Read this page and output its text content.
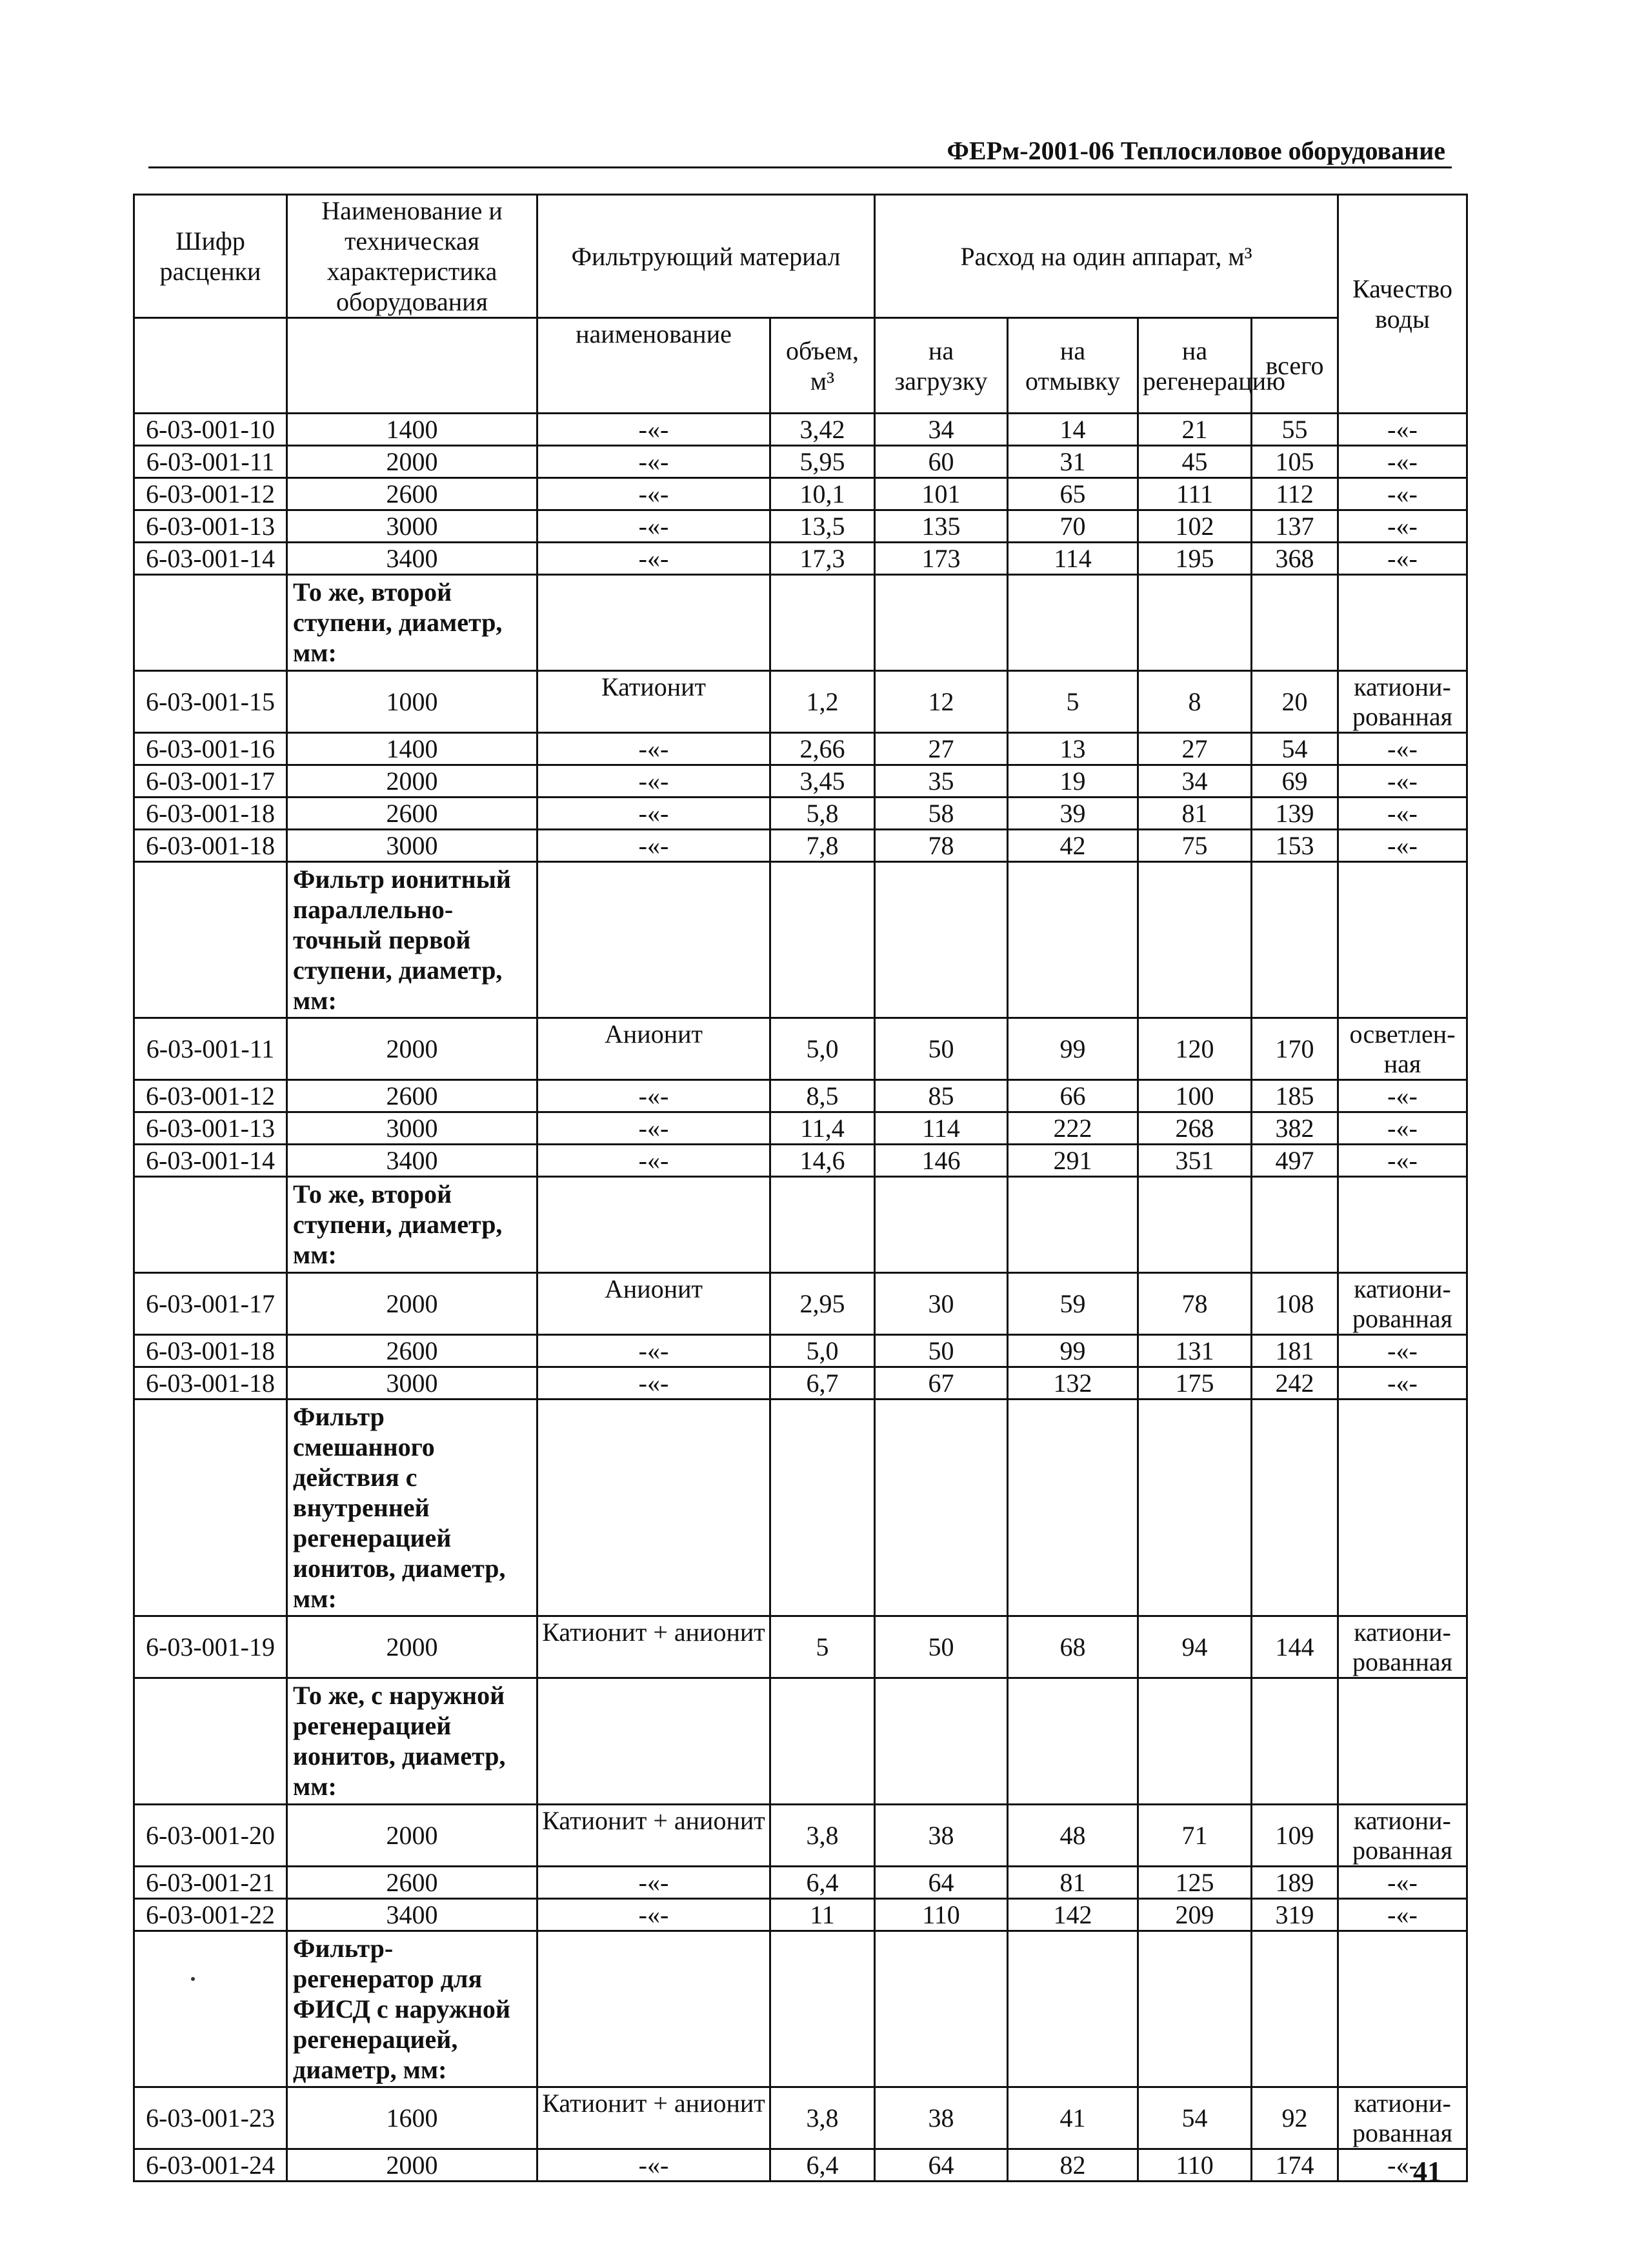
ФЕРм-2001-06 Теплосиловое оборудование
Шифр расценки	Наименование и техническая характеристика оборудования	Фильтрующий материал		Расход на один аппарат, м³				Качество воды
		наименование	объем, м³	на загрузку	на отмывку	на регенерацию	всего	
6-03-001-10	1400	-«-	3,42	34	14	21	55	-«-
6-03-001-11	2000	-«-	5,95	60	31	45	105	-«-
6-03-001-12	2600	-«-	10,1	101	65	111	112	-«-
6-03-001-13	3000	-«-	13,5	135	70	102	137	-«-
6-03-001-14	3400	-«-	17,3	173	114	195	368	-«-
	То же, второй ступени, диаметр, мм:							
6-03-001-15	1000	Катионит	1,2	12	5	8	20	катиони-рованная
6-03-001-16	1400	-«-	2,66	27	13	27	54	-«-
6-03-001-17	2000	-«-	3,45	35	19	34	69	-«-
6-03-001-18	2600	-«-	5,8	58	39	81	139	-«-
6-03-001-18	3000	-«-	7,8	78	42	75	153	-«-
	Фильтр ионитный параллельно-точный первой ступени, диаметр, мм:							
6-03-001-11	2000	Анионит	5,0	50	99	120	170	осветлен-ная
6-03-001-12	2600	-«-	8,5	85	66	100	185	-«-
6-03-001-13	3000	-«-	11,4	114	222	268	382	-«-
6-03-001-14	3400	-«-	14,6	146	291	351	497	-«-
	То же, второй ступени, диаметр, мм:							
6-03-001-17	2000	Анионит	2,95	30	59	78	108	катиони-рованная
6-03-001-18	2600	-«-	5,0	50	99	131	181	-«-
6-03-001-18	3000	-«-	6,7	67	132	175	242	-«-
	Фильтр смешанного действия с внутренней регенерацией ионитов, диаметр, мм:							
6-03-001-19	2000	Катионит + анионит	5	50	68	94	144	катиони-рованная
	То же, с наружной регенерацией ионитов, диаметр, мм:							
6-03-001-20	2000	Катионит + анионит	3,8	38	48	71	109	катиони-рованная
6-03-001-21	2600	-«-	6,4	64	81	125	189	-«-
6-03-001-22	3400	-«-	11	110	142	209	319	-«-
	Фильтр-регенератор для ФИСД с наружной регенерацией, диаметр, мм:							
6-03-001-23	1600	Катионит + анионит	3,8	38	41	54	92	катиони-рованная
6-03-001-24	2000	-«-	6,4	64	82	110	174	-«-
41
